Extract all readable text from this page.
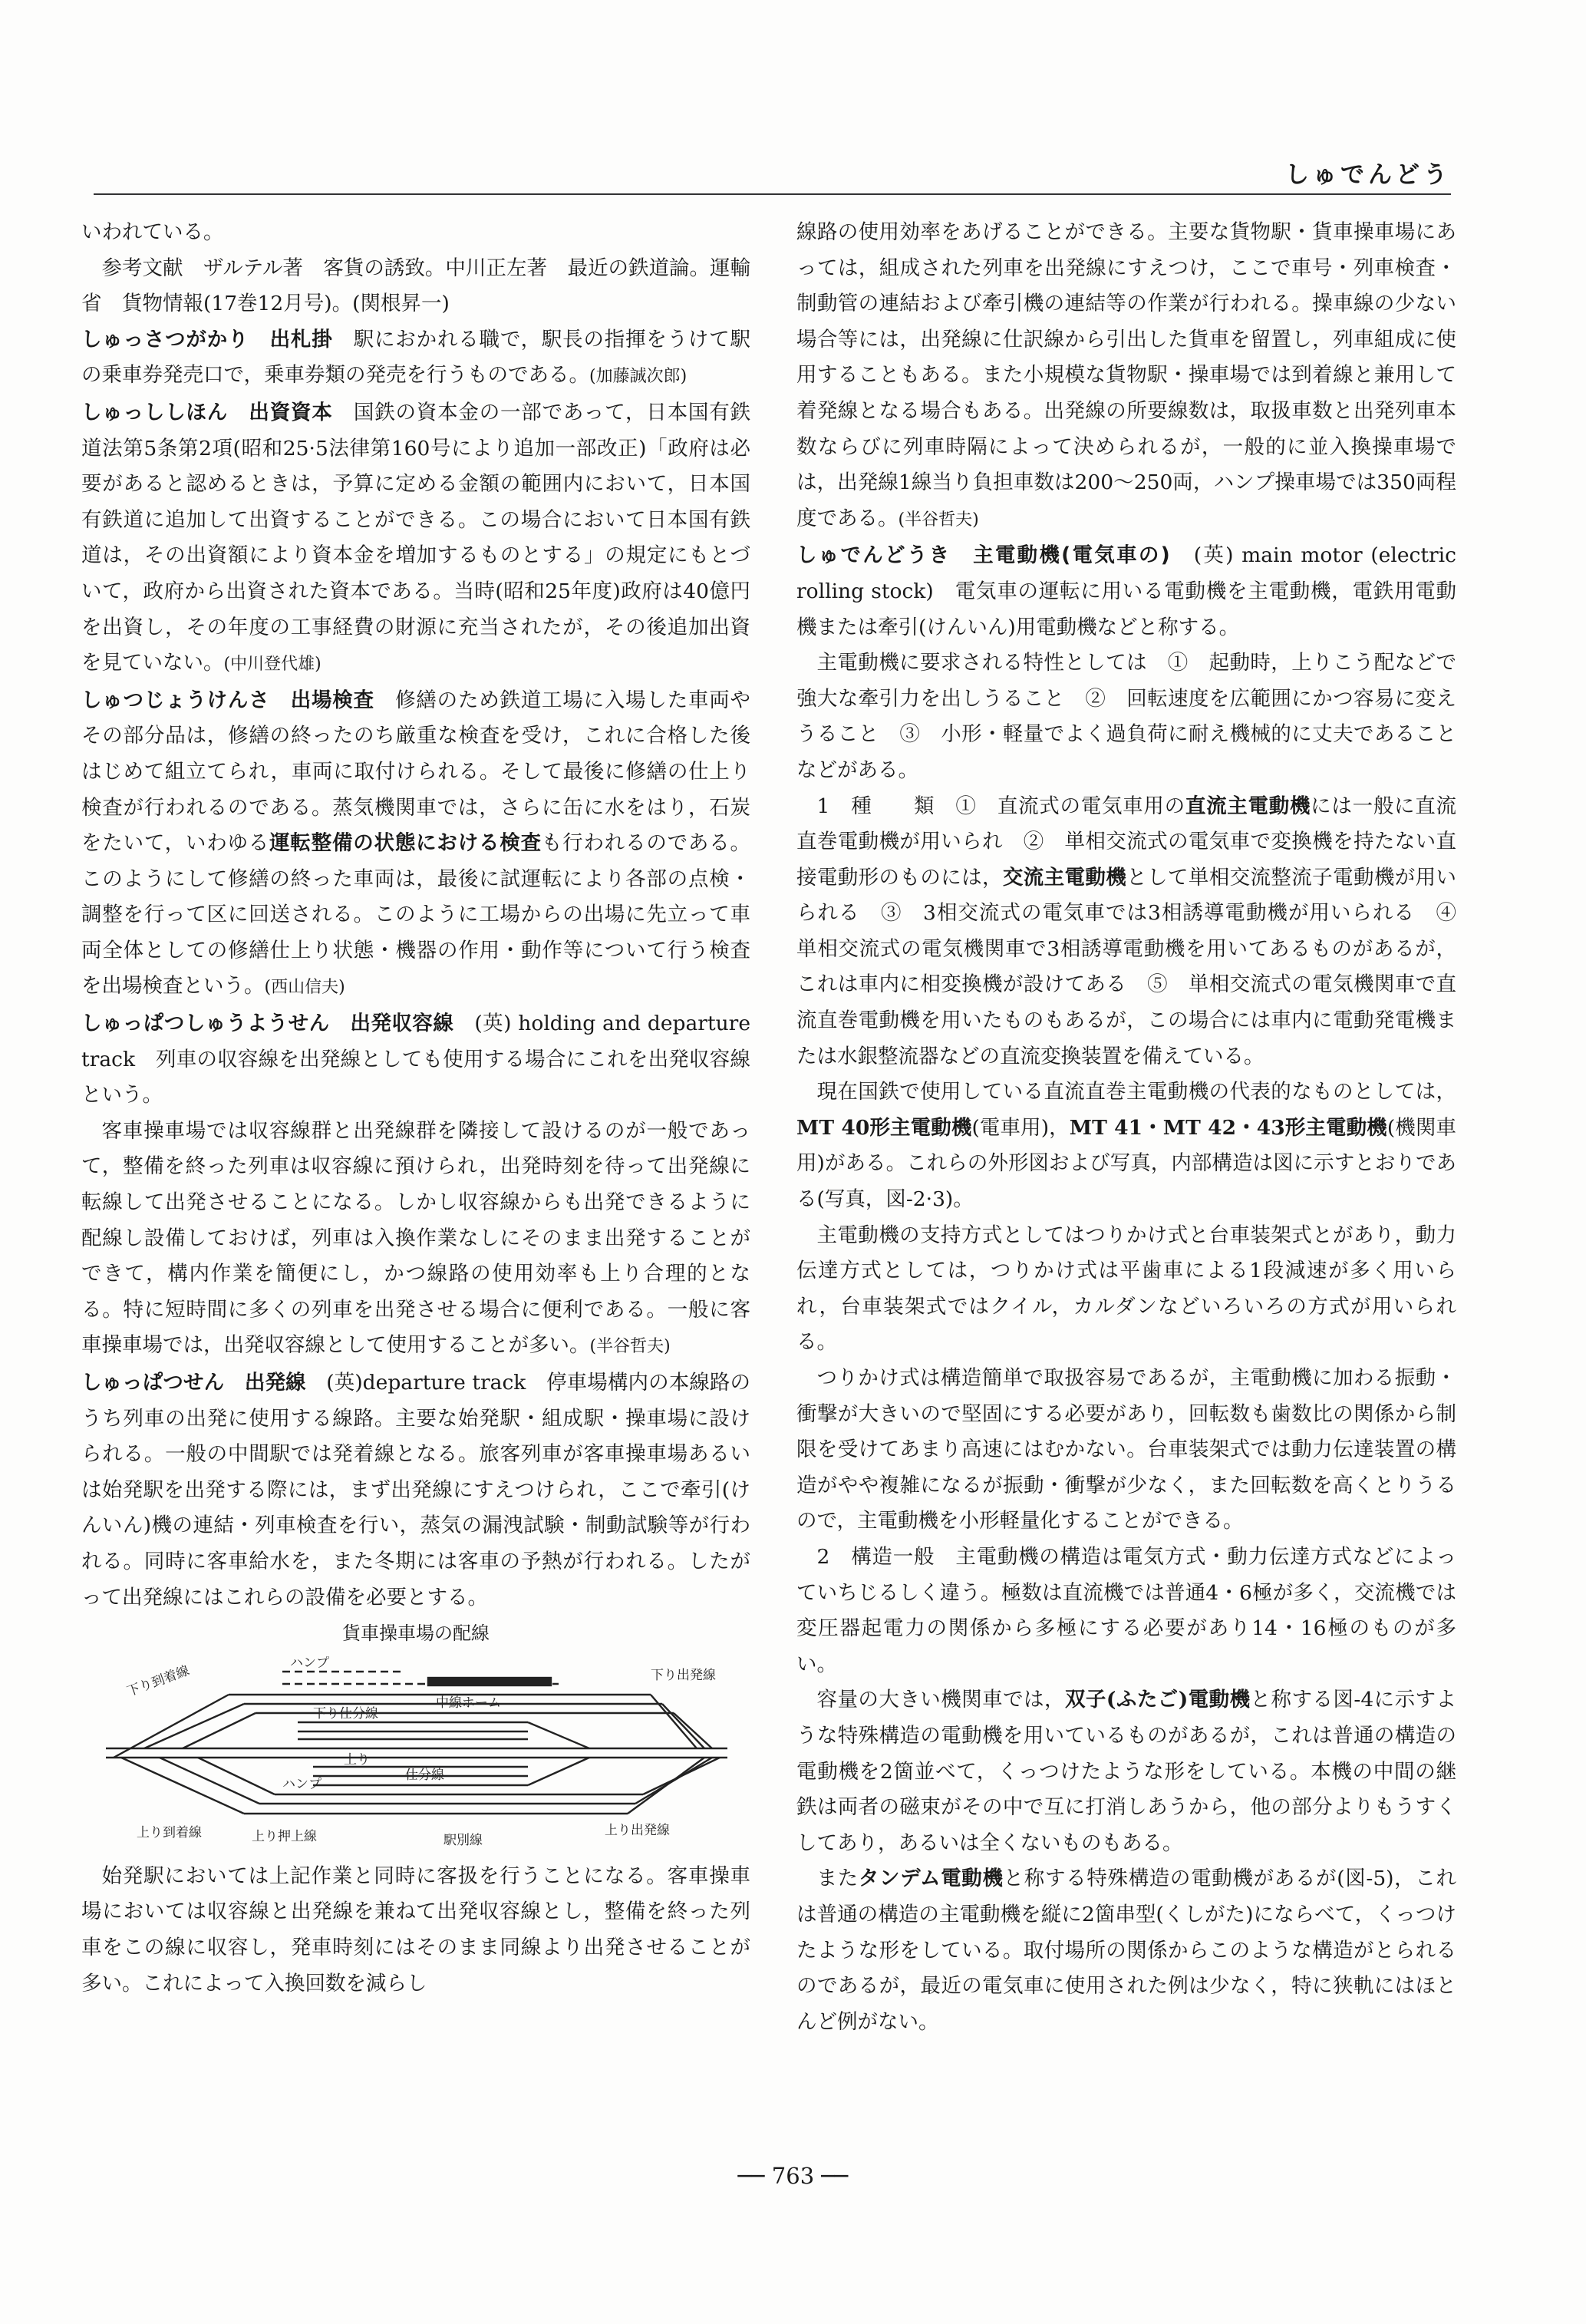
しゅでんどう

いわれている。

参考文献　ザルテル著　客貨の誘致。中川正左著　最近の鉄道論。運輸省　貨物情報(17巻12月号)。(関根昇一)

しゅっさつがかり　出札掛　 駅におかれる職で，駅長の指揮をうけて駅の乗車券発売口で，乗車券類の発売を行うものである。(加藤誠次郎)

しゅっししほん　出資資本　 国鉄の資本金の一部であって，日本国有鉄道法第5条第2項(昭和25·5法律第160号により追加一部改正)「政府は必要があると認めるときは，予算に定める金額の範囲内において，日本国有鉄道に追加して出資することができる。この場合において日本国有鉄道は，その出資額により資本金を増加するものとする」の規定にもとづいて，政府から出資された資本である。当時(昭和25年度)政府は40億円を出資し，その年度の工事経費の財源に充当されたが，その後追加出資を見ていない。(中川登代雄)

しゅつじょうけんさ　出場検査　 修繕のため鉄道工場に入場した車両やその部分品は，修繕の終ったのち厳重な検査を受け，これに合格した後はじめて組立てられ，車両に取付けられる。そして最後に修繕の仕上り検査が行われるのである。蒸気機関車では，さらに缶に水をはり，石炭をたいて，いわゆる運転整備の状態における検査も行われるのである。このようにして修繕の終った車両は，最後に試運転により各部の点検・調整を行って区に回送される。このように工場からの出場に先立って車両全体としての修繕仕上り状態・機器の作用・動作等について行う検査を出場検査という。(西山信夫)

しゅっぱつしゅうようせん　出発収容線　 (英) holding and departure track　 列車の収容線を出発線としても使用する場合にこれを出発収容線という。

客車操車場では収容線群と出発線群を隣接して設けるのが一般であって，整備を終った列車は収容線に預けられ，出発時刻を待って出発線に転線して出発させることになる。しかし収容線からも出発できるように配線し設備しておけば，列車は入換作業なしにそのまま出発することができて，構内作業を簡便にし，かつ線路の使用効率も上り合理的となる。特に短時間に多くの列車を出発させる場合に便利である。一般に客車操車場では，出発収容線として使用することが多い。(半谷哲夫)

しゅっぱつせん　出発線　 (英)departure track　 停車場構内の本線路のうち列車の出発に使用する線路。主要な始発駅・組成駅・操車場に設けられる。一般の中間駅では発着線となる。旅客列車が客車操車場あるいは始発駅を出発する際には，まず出発線にすえつけられ，ここで牽引(けんいん)機の連結・列車検査を行い，蒸気の漏洩試験・制動試験等が行われる。同時に客車給水を，また冬期には客車の予熱が行われる。したがって出発線にはこれらの設備を必要とする。

貨車操車場の配線

下り到着線	ハンプ
下り出発線
下り仕分線
中線ホーム
上り
仕分線
ハンプ
上り到着線	上り押上線	駅別線
上り出発線

始発駅においては上記作業と同時に客扱を行うことになる。客車操車場においては収容線と出発線を兼ねて出発収容線とし，整備を終った列車をこの線に収容し，発車時刻にはそのまま同線より出発させることが多い。これによって入換回数を減らし

線路の使用効率をあげることができる。主要な貨物駅・貨車操車場にあっては，組成された列車を出発線にすえつけ，ここで車号・列車検査・制動管の連結および牽引機の連結等の作業が行われる。操車線の少ない場合等には，出発線に仕訳線から引出した貨車を留置し，列車組成に使用することもある。また小規模な貨物駅・操車場では到着線と兼用して着発線となる場合もある。出発線の所要線数は，取扱車数と出発列車本数ならびに列車時隔によって決められるが，一般的に並入換操車場では，出発線1線当り負担車数は200〜250両，ハンプ操車場では350両程度である。(半谷哲夫)

しゅでんどうき　主電動機(電気車の)　 (英) main motor (electric rolling stock)　 電気車の運転に用いる電動機を主電動機，電鉄用電動機または牽引(けんいん)用電動機などと称する。

主電動機に要求される特性としては　①　起動時，上りこう配などで強大な牽引力を出しうること　②　回転速度を広範囲にかつ容易に変えうること　③　小形・軽量でよく過負荷に耐え機械的に丈夫であることなどがある。

1　種　　類　①　直流式の電気車用の直流主電動機には一般に直流直巻電動機が用いられ　②　単相交流式の電気車で変換機を持たない直接電動形のものには，交流主電動機として単相交流整流子電動機が用いられる　③　3相交流式の電気車では3相誘導電動機が用いられる　④　単相交流式の電気機関車で3相誘導電動機を用いてあるものがあるが，これは車内に相変換機が設けてある　⑤　単相交流式の電気機関車で直流直巻電動機を用いたものもあるが，この場合には車内に電動発電機または水銀整流器などの直流変換装置を備えている。

現在国鉄で使用している直流直巻主電動機の代表的なものとしては，MT 40形主電動機(電車用)，MT 41・MT 42・43形主電動機(機関車用)がある。これらの外形図および写真，内部構造は図に示すとおりである(写真，図-2·3)。

主電動機の支持方式としてはつりかけ式と台車装架式とがあり，動力伝達方式としては，つりかけ式は平歯車による1段減速が多く用いられ，台車装架式ではクイル，カルダンなどいろいろの方式が用いられる。

つりかけ式は構造簡単で取扱容易であるが，主電動機に加わる振動・衝撃が大きいので堅固にする必要があり，回転数も歯数比の関係から制限を受けてあまり高速にはむかない。台車装架式では動力伝達装置の構造がやや複雑になるが振動・衝撃が少なく，また回転数を高くとりうるので，主電動機を小形軽量化することができる。

2　構造一般　主電動機の構造は電気方式・動力伝達方式などによっていちじるしく違う。極数は直流機では普通4・6極が多く，交流機では変圧器起電力の関係から多極にする必要があり14・16極のものが多い。

容量の大きい機関車では，双子(ふたご)電動機と称する図-4に示すような特殊構造の電動機を用いているものがあるが，これは普通の構造の電動機を2箇並べて，くっつけたような形をしている。本機の中間の継鉄は両者の磁束がその中で互に打消しあうから，他の部分よりもうすくしてあり，あるいは全くないものもある。

またタンデム電動機と称する特殊構造の電動機があるが(図-5)，これは普通の構造の主電動機を縦に2箇串型(くしがた)にならべて，くっつけたような形をしている。取付場所の関係からこのような構造がとられるのであるが，最近の電気車に使用された例は少なく，特に狭軌にはほとんど例がない。

── 763 ──
